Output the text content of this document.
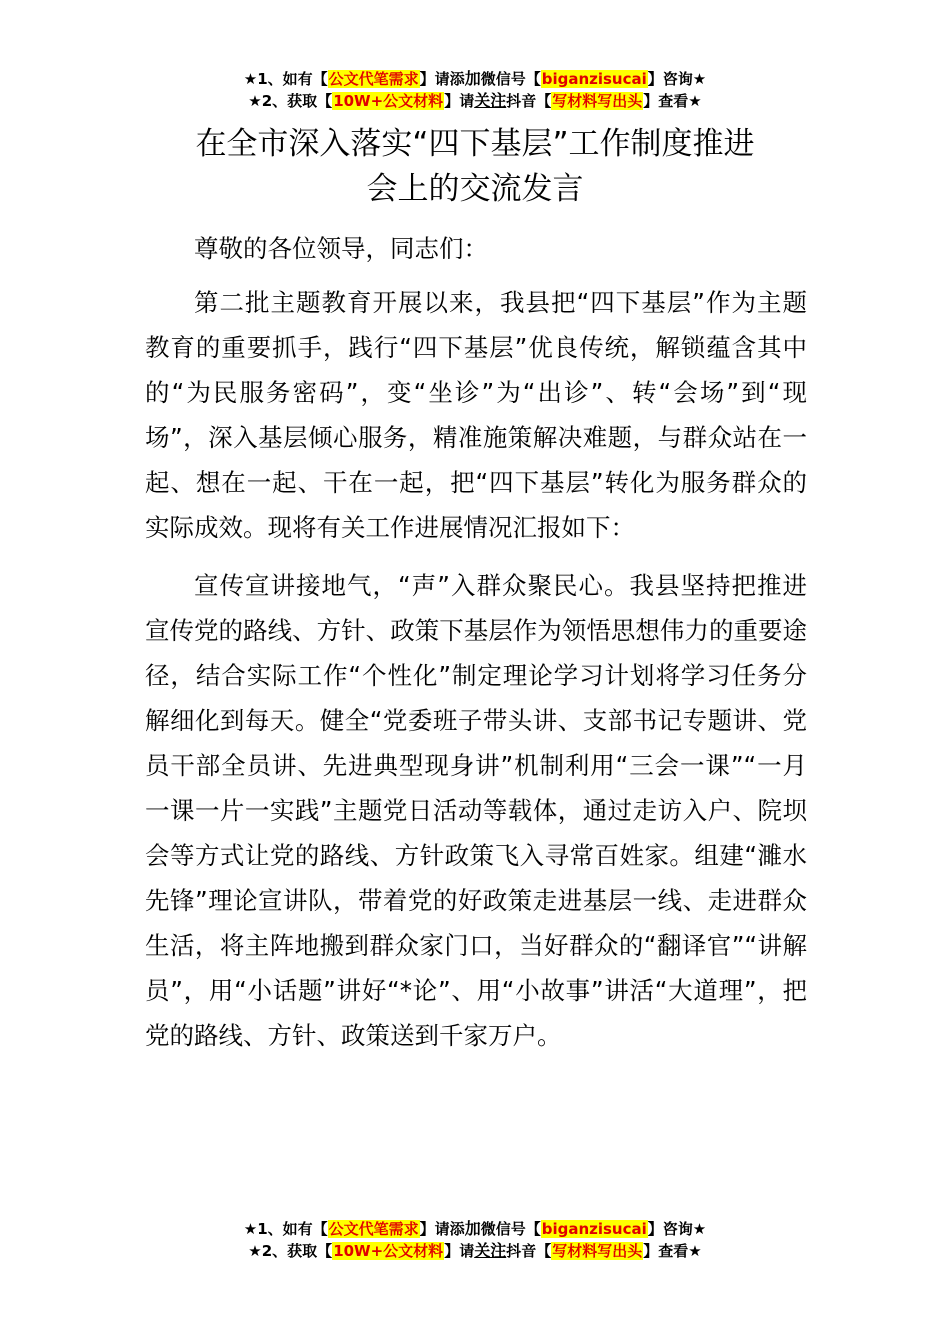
★1、如有【公文代笔需求】请添加微信号【biganzisucai】咨询★
★2、获取【10W+公文材料】请关注抖音【写材料写出头】查看★
在全市深入落实“四下基层”工作制度推进
会上的交流发言

尊敬的各位领导，同志们：

第二批主题教育开展以来，我县把“四下基层”作为主题教育的重要抓手，践行“四下基层”优良传统，解锁蕴含其中的“为民服务密码”，变“坐诊”为“出诊”、转“会场”到“现场”，深入基层倾心服务，精准施策解决难题，与群众站在一起、想在一起、干在一起，把“四下基层”转化为服务群众的实际成效。现将有关工作进展情况汇报如下：

宣传宣讲接地气，“声”入群众聚民心。我县坚持把推进宣传党的路线、方针、政策下基层作为领悟思想伟力的重要途径，结合实际工作“个性化”制定理论学习计划将学习任务分解细化到每天。健全“党委班子带头讲、支部书记专题讲、党员干部全员讲、先进典型现身讲”机制利用“三会一课”“一月一课一片一实践”主题党日活动等载体，通过走访入户、院坝会等方式让党的路线、方针政策飞入寻常百姓家。组建“濉水先锋”理论宣讲队，带着党的好政策走进基层一线、走进群众生活，将主阵地搬到群众家门口，当好群众的“翻译官”“讲解员”，用“小话题”讲好“*论”、用“小故事”讲活“大道理”，把党的路线、方针、政策送到千家万户。

★1、如有【公文代笔需求】请添加微信号【biganzisucai】咨询★
★2、获取【10W+公文材料】请关注抖音【写材料写出头】查看★
